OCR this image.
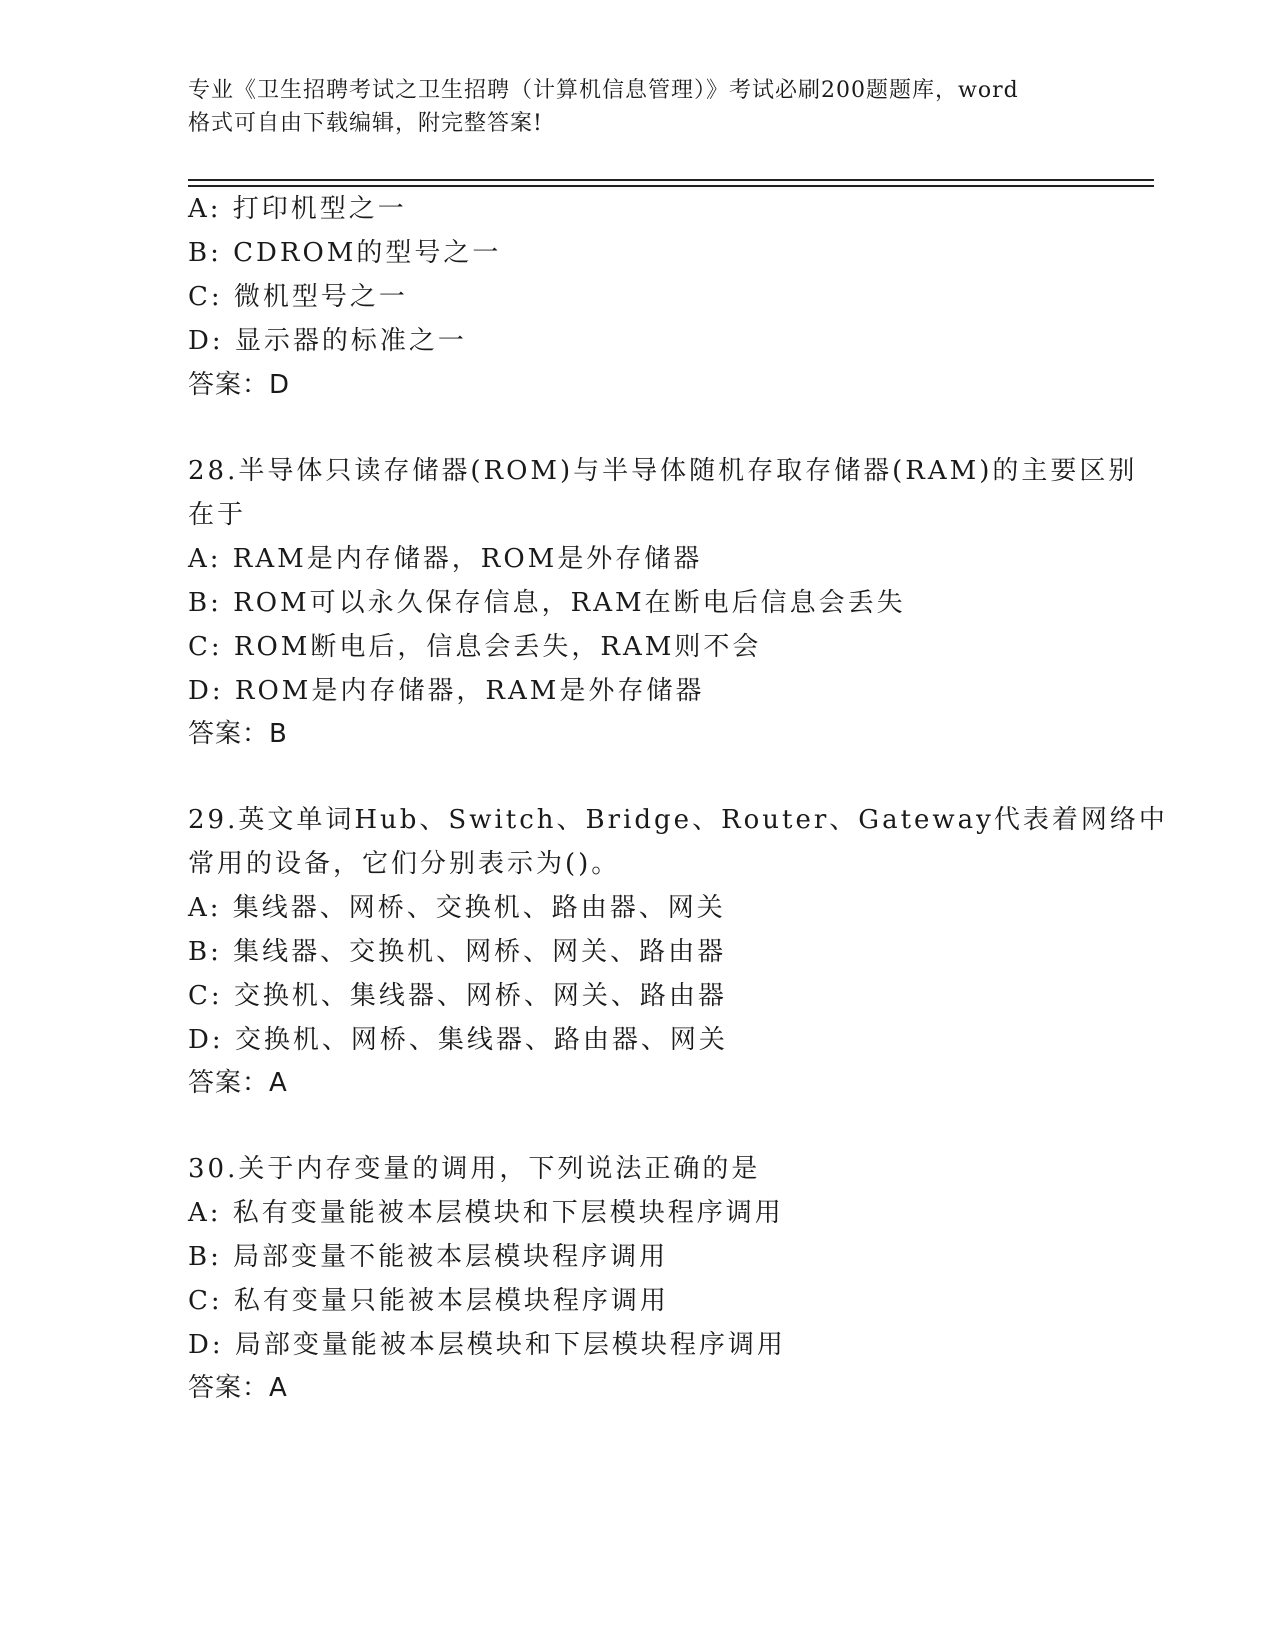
专业《卫生招聘考试之卫生招聘（计算机信息管理）》考试必刷200题题库，word
格式可自由下载编辑，附完整答案!
A: 打印机型之一
B: CDROM的型号之一
C: 微机型号之一
D: 显示器的标准之一
答案：D
28.半导体只读存储器(ROM)与半导体随机存取存储器(RAM)的主要区别
在于
A: RAM是内存储器，ROM是外存储器
B: ROM可以永久保存信息，RAM在断电后信息会丢失
C: ROM断电后，信息会丢失，RAM则不会
D: ROM是内存储器，RAM是外存储器
答案：B
29.英文单词Hub、Switch、Bridge、Router、Gateway代表着网络中
常用的设备，它们分别表示为()。
A: 集线器、网桥、交换机、路由器、网关
B: 集线器、交换机、网桥、网关、路由器
C: 交换机、集线器、网桥、网关、路由器
D: 交换机、网桥、集线器、路由器、网关
答案：A
30.关于内存变量的调用，下列说法正确的是
A: 私有变量能被本层模块和下层模块程序调用
B: 局部变量不能被本层模块程序调用
C: 私有变量只能被本层模块程序调用
D: 局部变量能被本层模块和下层模块程序调用
答案：A
